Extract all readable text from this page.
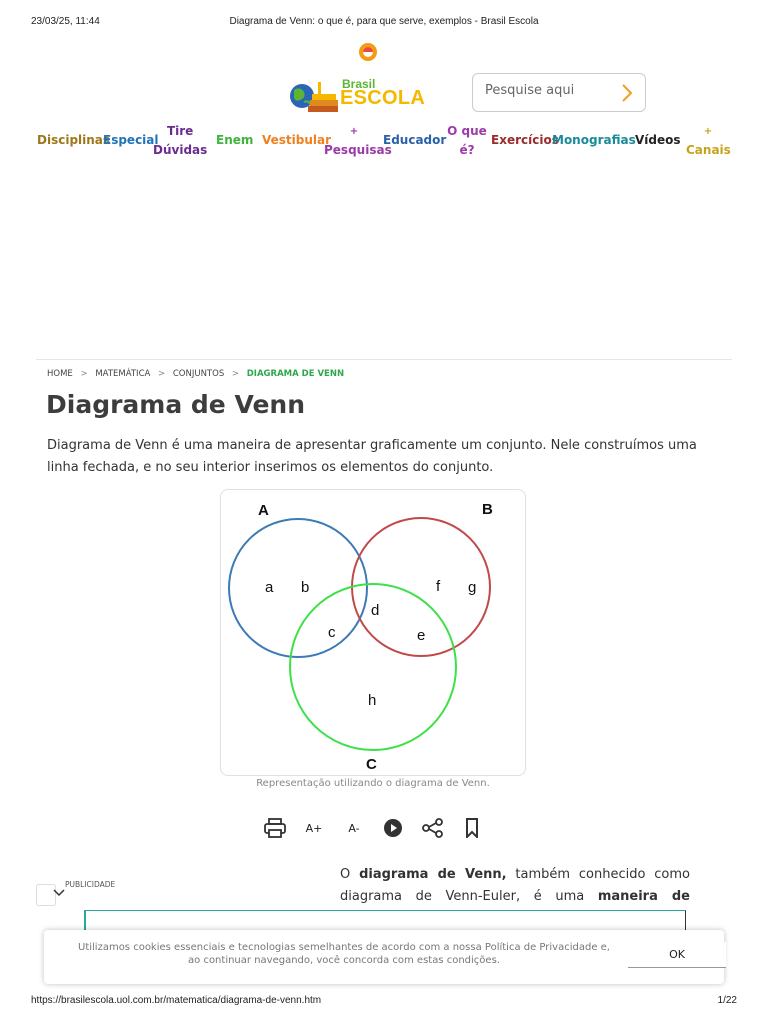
23/03/25, 11:44	Diagrama de Venn: o que é, para que serve, exemplos - Brasil Escola
Brasil
ESCOLA
Pesquise aqui
Disciplinas
Especial
Tire
Dúvidas
Enem Vestibular
+
Pesquisas
Educador
O que
é?
Exercícios
Monografias Vídeos
+
Canais
HOME > MATEMÁTICA > CONJUNTOS > DIAGRAMA DE VENN
Diagrama de Venn

Diagrama de Venn é uma maneira de apresentar graficamente um conjunto. Nele construímos uma linha fechada, e no seu interior inserimos os elementos do conjunto.

A	B
C
a b
c
d
e
f g
h
Representação utilizando o diagrama de Venn.
A+	A-
PUBLICIDADE
O diagrama de Venn, também conhecido como
diagrama de Venn-Euler, é uma maneira de
Utilizamos cookies essenciais e tecnologias semelhantes de acordo com a nossa Política de Privacidade e, ao continuar navegando, você concorda com estas condições.	OK
https://brasilescola.uol.com.br/matematica/diagrama-de-venn.htm	1/22
